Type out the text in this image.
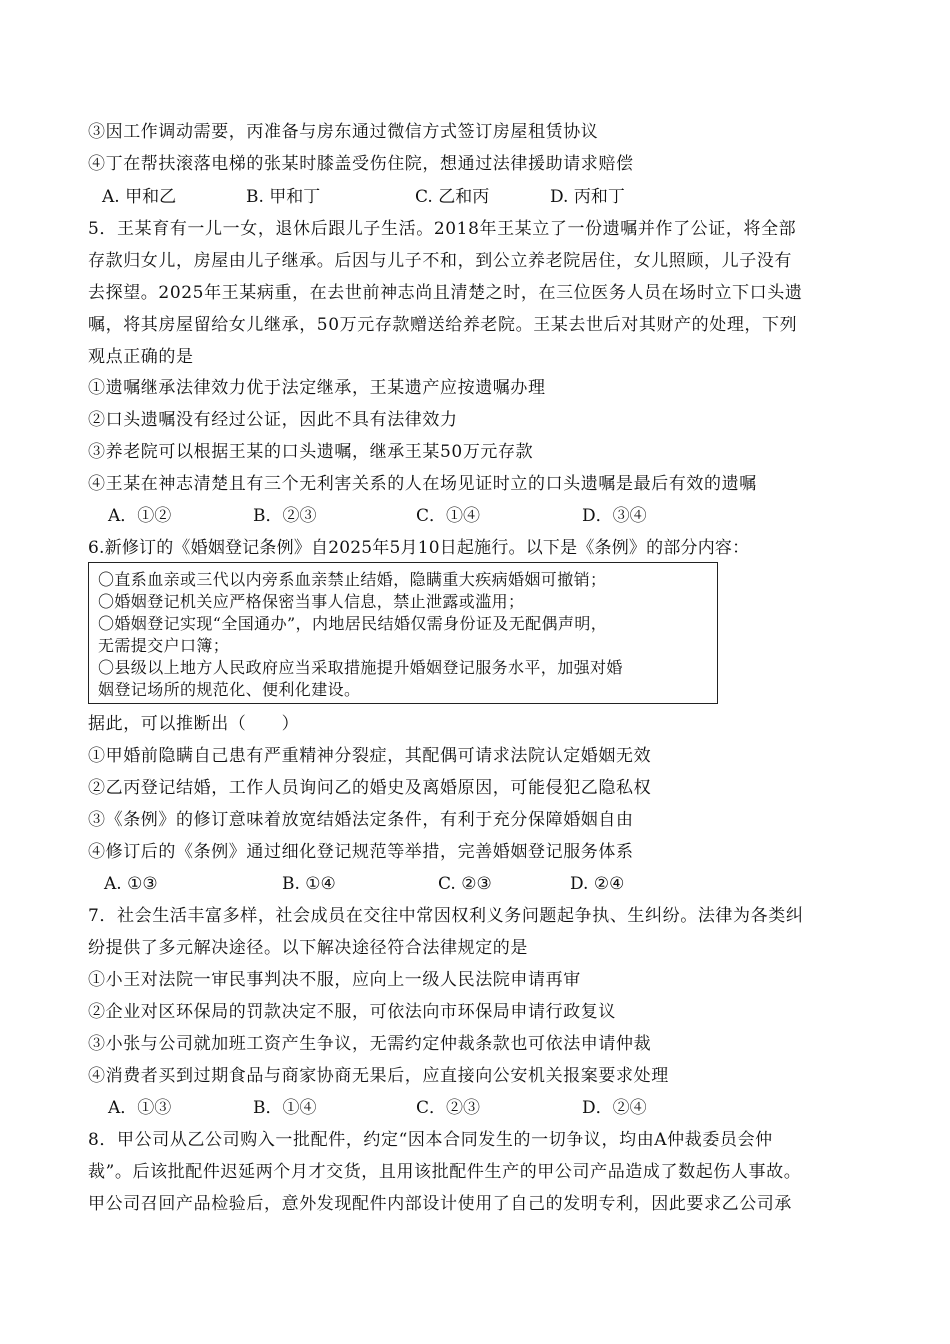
③因工作调动需要，丙准备与房东通过微信方式签订房屋租赁协议
④丁在帮扶滚落电梯的张某时膝盖受伤住院，想通过法律援助请求赔偿
A. 甲和乙	B. 甲和丁	C. 乙和丙	D. 丙和丁
5．王某育有一儿一女，退休后跟儿子生活。2018年王某立了一份遗嘱并作了公证，将全部
存款归女儿，房屋由儿子继承。后因与儿子不和，到公立养老院居住，女儿照顾，儿子没有
去探望。2025年王某病重，在去世前神志尚且清楚之时，在三位医务人员在场时立下口头遗
嘱，将其房屋留给女儿继承，50万元存款赠送给养老院。王某去世后对其财产的处理，下列
观点正确的是
①遗嘱继承法律效力优于法定继承，王某遗产应按遗嘱办理
②口头遗嘱没有经过公证，因此不具有法律效力
③养老院可以根据王某的口头遗嘱，继承王某50万元存款
④王某在神志清楚且有三个无利害关系的人在场见证时立的口头遗嘱是最后有效的遗嘱
A．①②	B．②③	C．①④	D．③④
6.新修订的《婚姻登记条例》自2025年5月10日起施行。以下是《条例》的部分内容：
〇直系血亲或三代以内旁系血亲禁止结婚，隐瞒重大疾病婚姻可撤销；
〇婚姻登记机关应严格保密当事人信息，禁止泄露或滥用；
〇婚姻登记实现“全国通办”，内地居民结婚仅需身份证及无配偶声明，
无需提交户口簿；
〇县级以上地方人民政府应当采取措施提升婚姻登记服务水平，加强对婚
姻登记场所的规范化、便利化建设。
据此，可以推断出（　　）
①甲婚前隐瞒自己患有严重精神分裂症，其配偶可请求法院认定婚姻无效
②乙丙登记结婚，工作人员询问乙的婚史及离婚原因，可能侵犯乙隐私权
③《条例》的修订意味着放宽结婚法定条件，有利于充分保障婚姻自由
④修订后的《条例》通过细化登记规范等举措，完善婚姻登记服务体系
A. ①③	B. ①④	C. ②③	D. ②④
7．社会生活丰富多样，社会成员在交往中常因权利义务问题起争执、生纠纷。法律为各类纠
纷提供了多元解决途径。以下解决途径符合法律规定的是
①小王对法院一审民事判决不服，应向上一级人民法院申请再审
②企业对区环保局的罚款决定不服，可依法向市环保局申请行政复议
③小张与公司就加班工资产生争议，无需约定仲裁条款也可依法申请仲裁
④消费者买到过期食品与商家协商无果后，应直接向公安机关报案要求处理
A．①③	B．①④	C．②③	D．②④
8．甲公司从乙公司购入一批配件，约定“因本合同发生的一切争议，均由A仲裁委员会仲
裁”。后该批配件迟延两个月才交货，且用该批配件生产的甲公司产品造成了数起伤人事故。
甲公司召回产品检验后，意外发现配件内部设计使用了自己的发明专利，因此要求乙公司承
